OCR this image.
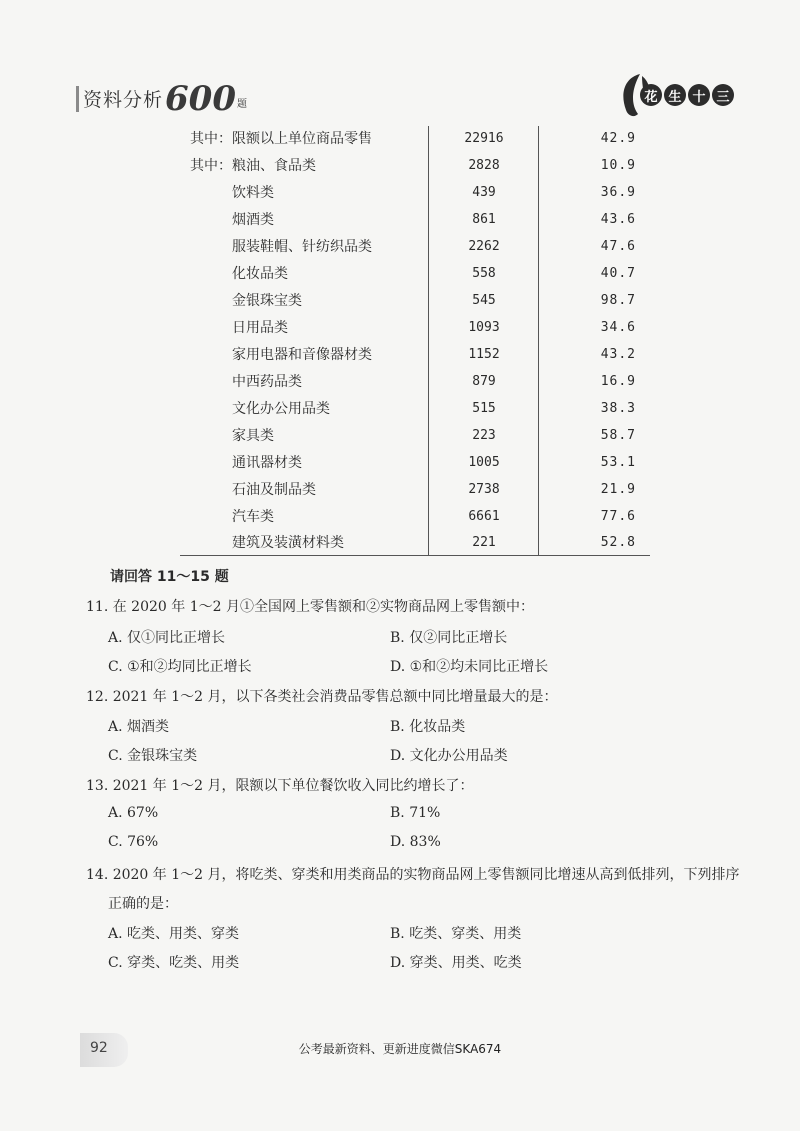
资料分析 600 题	花 生 十 三
其中：限额以上单位商品零售	22916	42.9
其中：粮油、食品类	2828	10.9
饮料类	439	36.9
烟酒类	861	43.6
服装鞋帽、针纺织品类	2262	47.6
化妆品类	558	40.7
金银珠宝类	545	98.7
日用品类	1093	34.6
家用电器和音像器材类	1152	43.2
中西药品类	879	16.9
文化办公用品类	515	38.3
家具类	223	58.7
通讯器材类	1005	53.1
石油及制品类	2738	21.9
汽车类	6661	77.6
建筑及装潢材料类	221	52.8
请回答 11～15 题
11. 在 2020 年 1～2 月①全国网上零售额和②实物商品网上零售额中：
A. 仅①同比正增长	B. 仅②同比正增长
C. ①和②均同比正增长	D. ①和②均未同比正增长
12. 2021 年 1～2 月，以下各类社会消费品零售总额中同比增量最大的是：
A. 烟酒类	B. 化妆品类
C. 金银珠宝类	D. 文化办公用品类
13. 2021 年 1～2 月，限额以下单位餐饮收入同比约增长了：
A. 67%	B. 71%
C. 76%	D. 83%
14. 2020 年 1～2 月，将吃类、穿类和用类商品的实物商品网上零售额同比增速从高到低排列，下列排序
正确的是：
A. 吃类、用类、穿类	B. 吃类、穿类、用类
C. 穿类、吃类、用类	D. 穿类、用类、吃类
92	公考最新资料、更新进度微信SKA674
